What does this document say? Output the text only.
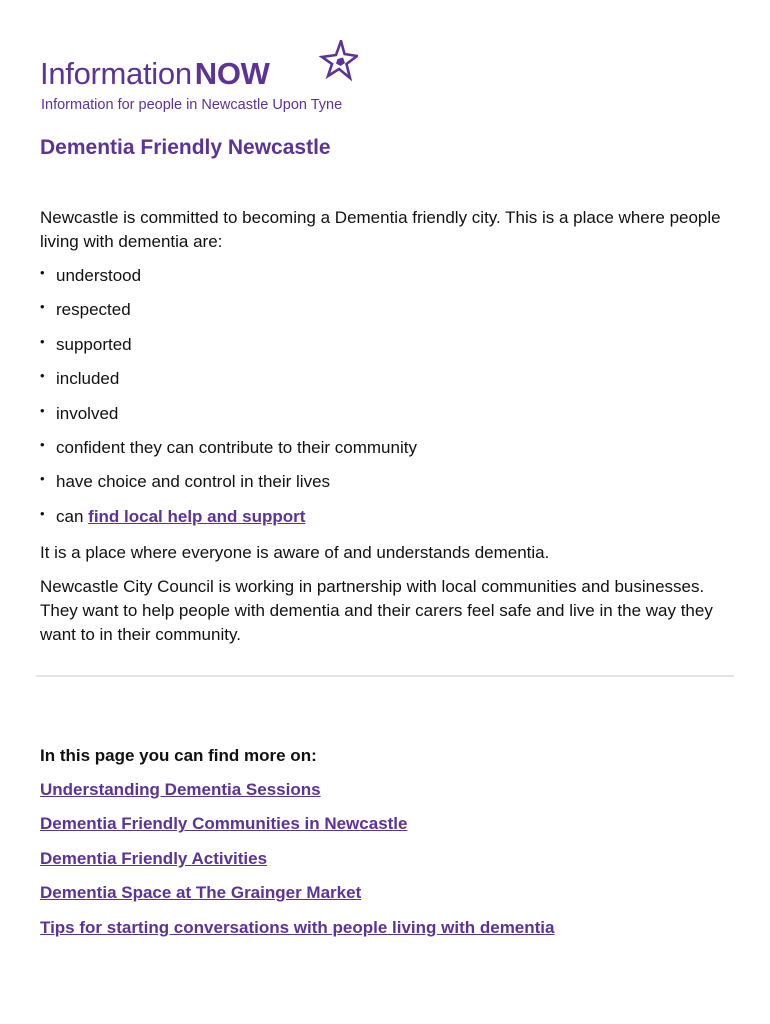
InformationNOW
Information for people in Newcastle Upon Tyne
Dementia Friendly Newcastle

Newcastle is committed to becoming a Dementia friendly city. This is a place where people living with dementia are:

• understood
• respected
• supported
• included
• involved
• confident they can contribute to their community
• have choice and control in their lives
• can find local help and support

It is a place where everyone is aware of and understands dementia.

Newcastle City Council is working in partnership with local communities and businesses. They want to help people with dementia and their carers feel safe and live in the way they want to in their community.

In this page you can find more on:
Understanding Dementia Sessions
Dementia Friendly Communities in Newcastle
Dementia Friendly Activities
Dementia Space at The Grainger Market
Tips for starting conversations with people living with dementia
